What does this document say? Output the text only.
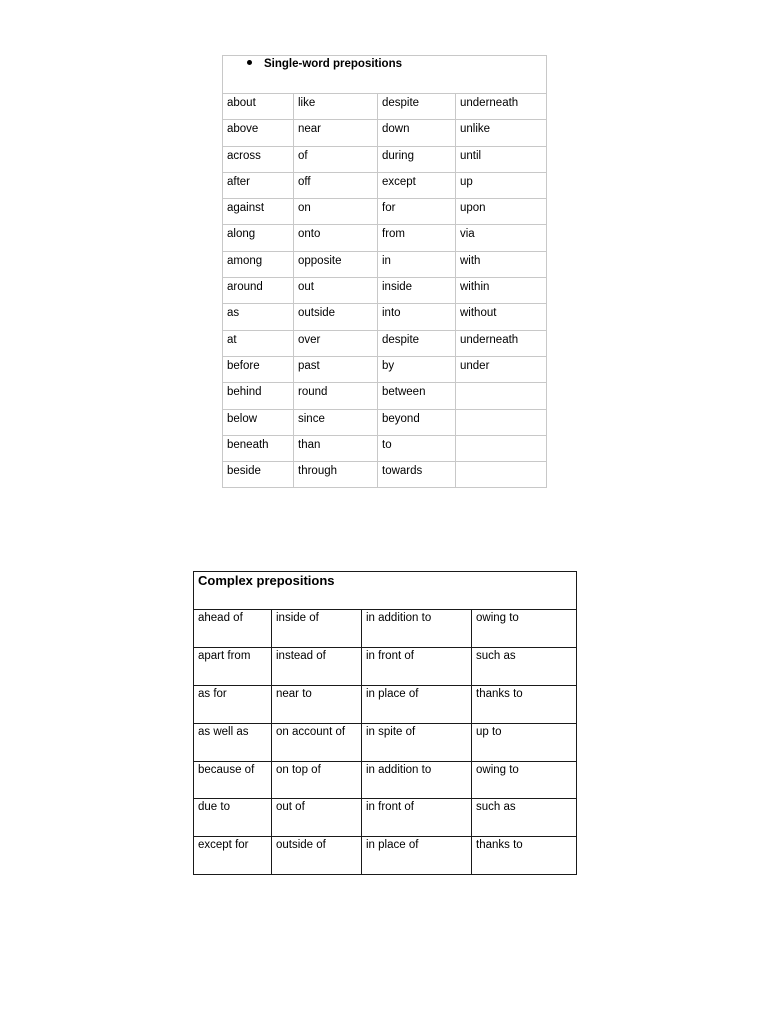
Single-word prepositions			
about	like	despite	underneath
above	near	down	unlike
across	of	during	until
after	off	except	up
against	on	for	upon
along	onto	from	via
among	opposite	in	with
around	out	inside	within
as	outside	into	without
at	over	despite	underneath
before	past	by	under
behind	round	between	
below	since	beyond	
beneath	than	to	
beside	through	towards	
Complex prepositions			
ahead of	inside of	in addition to	owing to
apart from	instead of	in front of	such as
as for	near to	in place of	thanks to
as well as	on account of	in spite of	up to
because of	on top of	in addition to	owing to
due to	out of	in front of	such as
except for	outside of	in place of	thanks to
